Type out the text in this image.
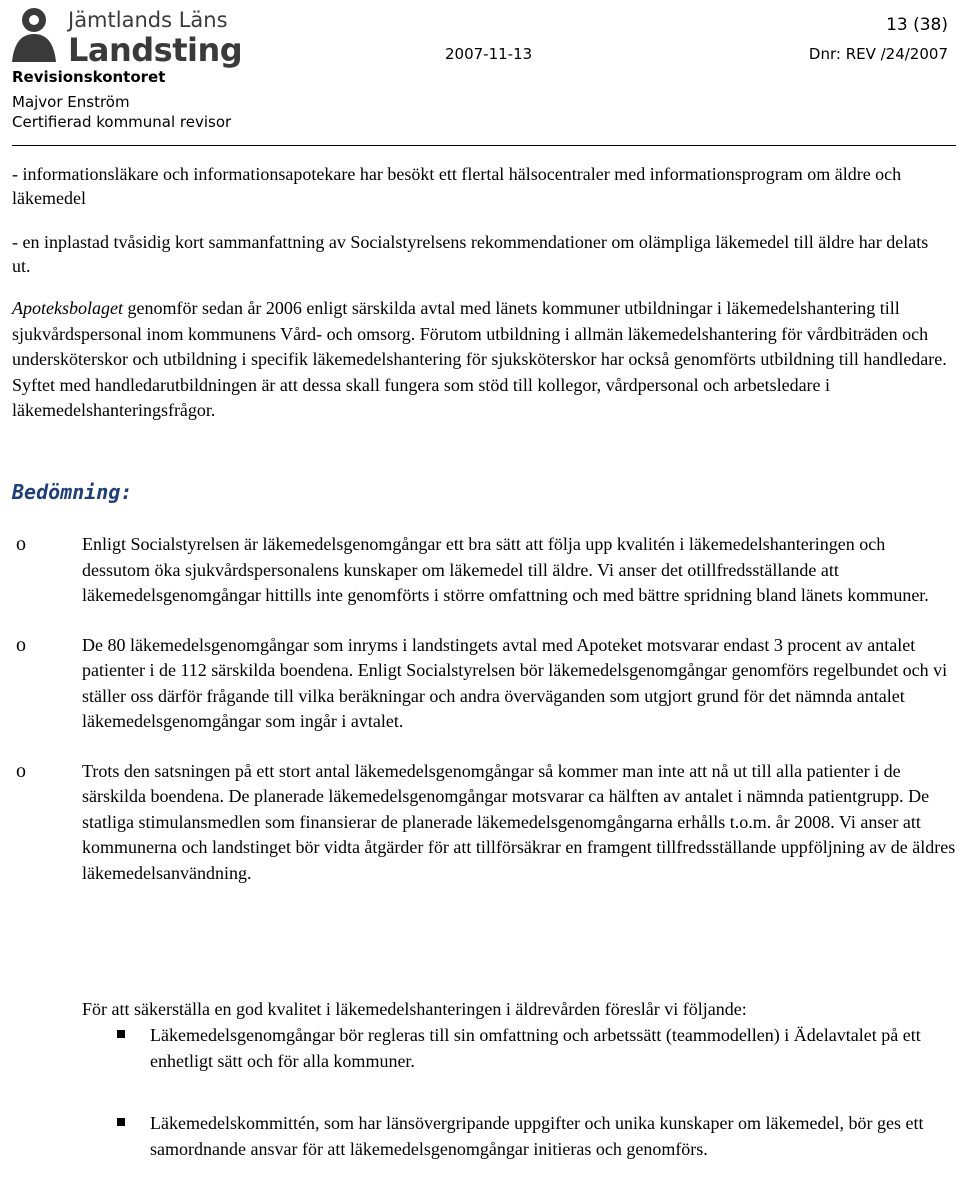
Jämtlands Läns
Landsting
Revisionskontoret
Majvor Enström
Certifierad kommunal revisor
2007-11-13
13 (38)
Dnr: REV /24/2007
- informationsläkare och informationsapotekare har besökt ett flertal hälsocentraler med informationsprogram om äldre och läkemedel
- en inplastad tvåsidig kort sammanfattning av Socialstyrelsens rekommendationer om olämpliga läkemedel till äldre har delats ut.

Apoteksbolaget genomför sedan år 2006 enligt särskilda avtal med länets kommuner utbildningar i läkemedelshantering till sjukvårdspersonal inom kommunens Vård- och omsorg. Förutom utbildning i allmän läkemedelshantering för vårdbiträden och undersköterskor och utbildning i specifik läkemedelshantering för sjuksköterskor har också genomförts utbildning till handledare. Syftet med handledarutbildningen är att dessa skall fungera som stöd till kollegor, vårdpersonal och arbetsledare i läkemedelshanteringsfrågor.

Bedömning:
o	Enligt Socialstyrelsen är läkemedelsgenomgångar ett bra sätt att följa upp kvalitén i läkemedelshanteringen och dessutom öka sjukvårdspersonalens kunskaper om läkemedel till äldre. Vi anser det otillfredsställande att läkemedelsgenomgångar hittills inte genomförts i större omfattning och med bättre spridning bland länets kommuner.
o	De 80 läkemedelsgenomgångar som inryms i landstingets avtal med Apoteket motsvarar endast 3 procent av antalet patienter i de 112 särskilda boendena. Enligt Socialstyrelsen bör läkemedelsgenomgångar genomförs regelbundet och vi ställer oss därför frågande till vilka beräkningar och andra överväganden som utgjort grund för det nämnda antalet läkemedelsgenomgångar som ingår i avtalet.
o	Trots den satsningen på ett stort antal läkemedelsgenomgångar så kommer man inte att nå ut till alla patienter i de särskilda boendena. De planerade läkemedelsgenomgångar motsvarar ca hälften av antalet i nämnda patientgrupp. De statliga stimulansmedlen som finansierar de planerade läkemedelsgenomgångarna erhålls t.o.m. år 2008. Vi anser att kommunerna och landstinget bör vidta åtgärder för att tillförsäkrar en framgent tillfredsställande uppföljning av de äldres läkemedelsanvändning.

För att säkerställa en god kvalitet i läkemedelshanteringen i äldrevården föreslår vi följande:

Läkemedelsgenomgångar bör regleras till sin omfattning och arbetssätt (teammodellen) i Ädelavtalet på ett enhetligt sätt och för alla kommuner.
Läkemedelskommittén, som har länsövergripande uppgifter och unika kunskaper om läkemedel, bör ges ett samordnande ansvar för att läkemedelsgenomgångar initieras och genomförs.
